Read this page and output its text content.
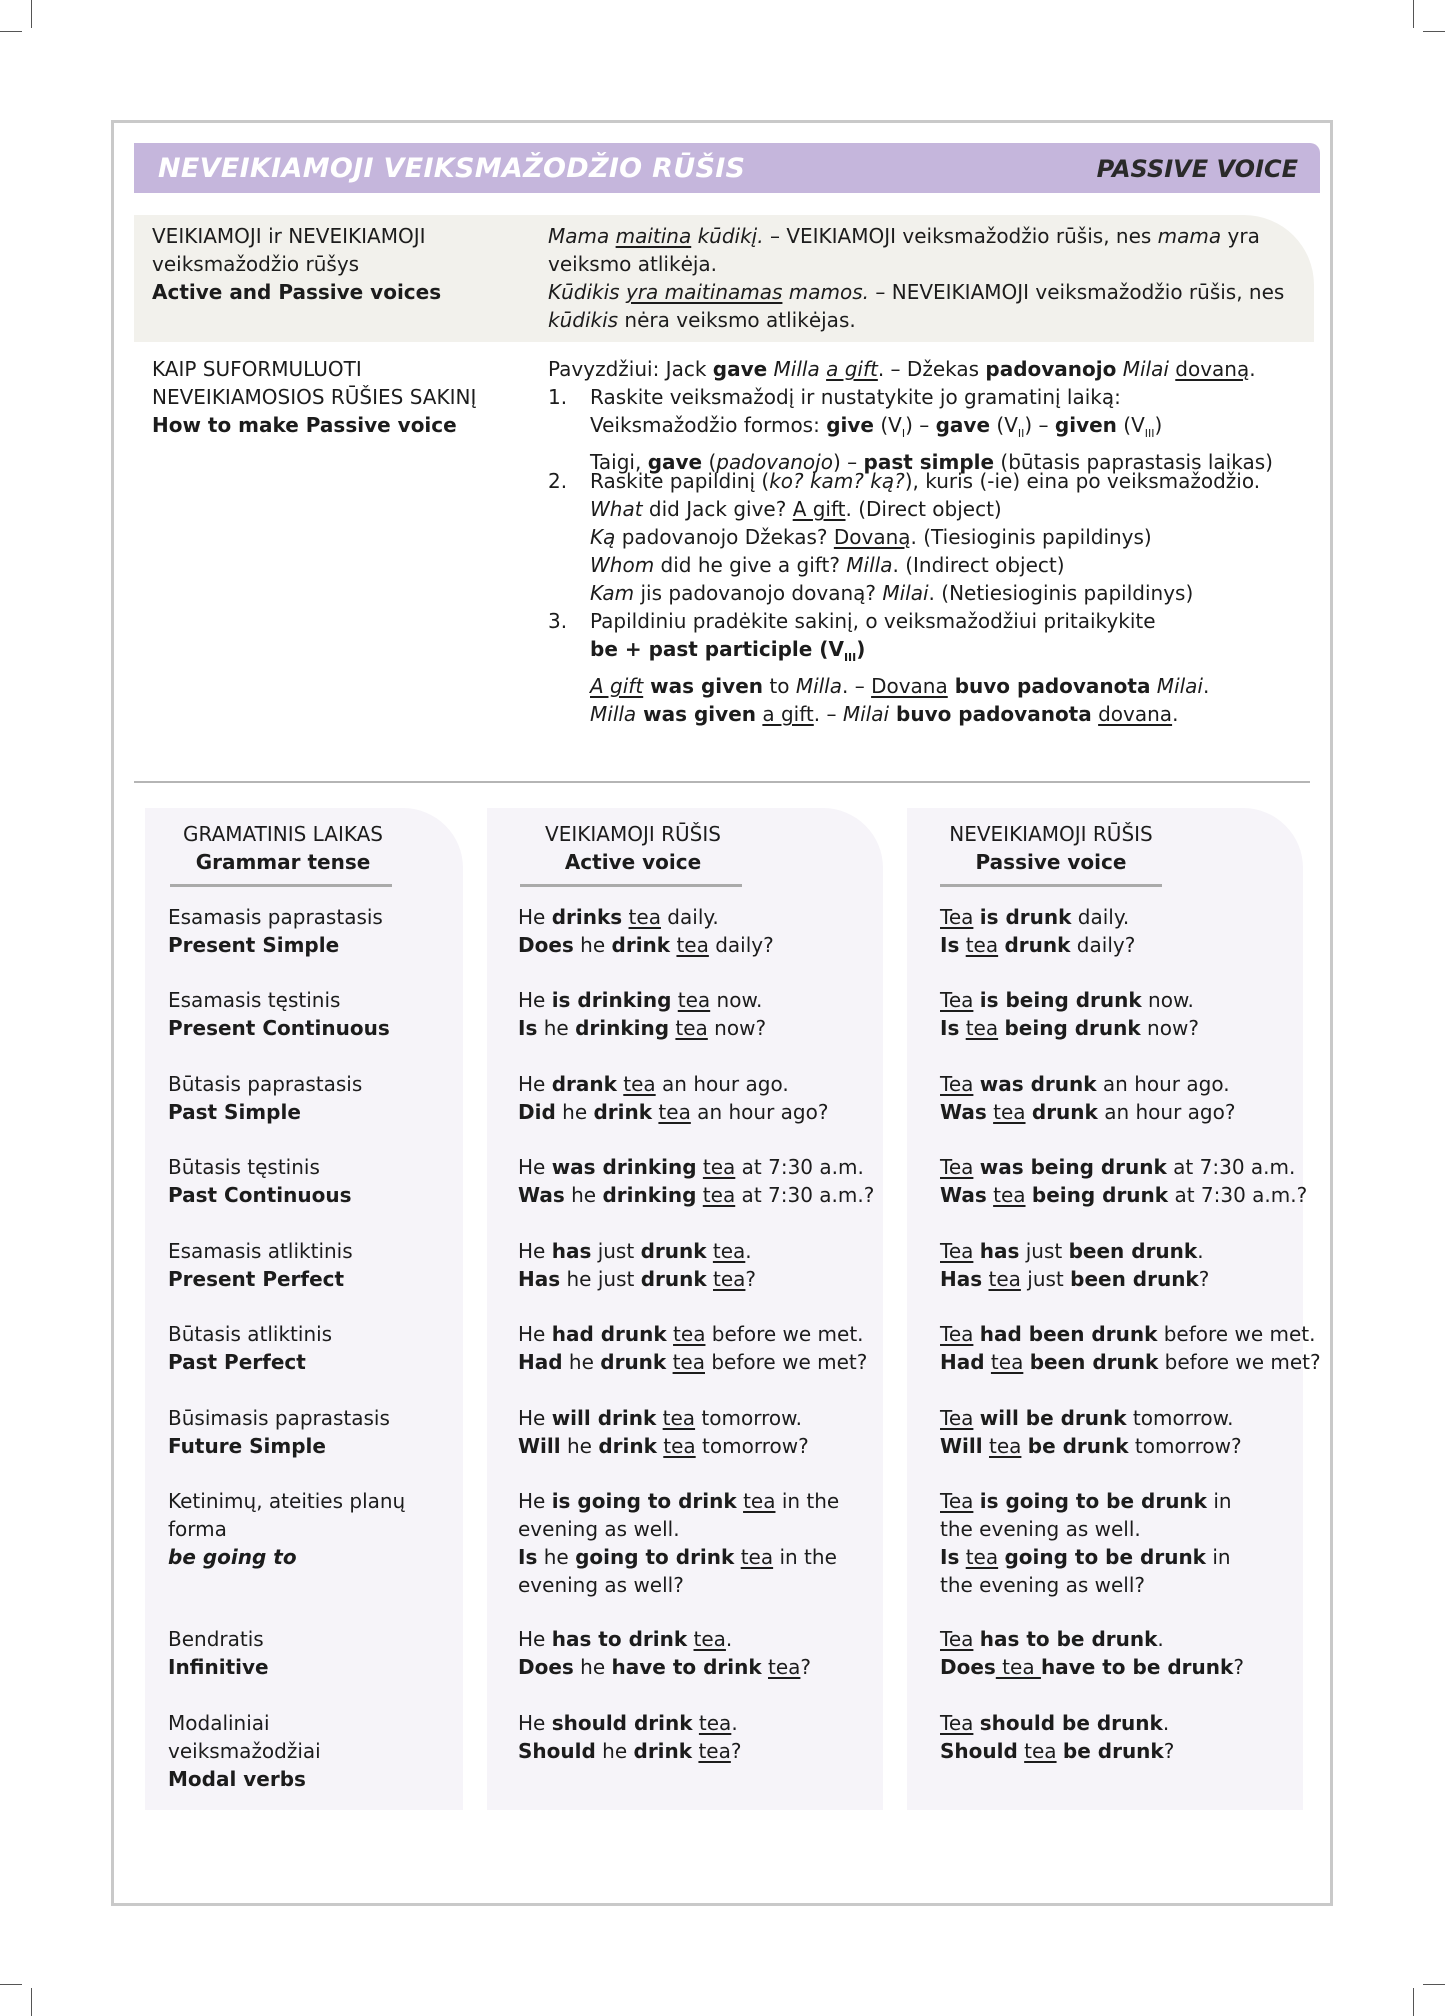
NEVEIKIAMOJI VEIKSMAŽODŽIO RŪŠIS	PASSIVE VOICE
VEIKIAMOJI ir NEVEIKIAMOJI
veiksmažodžio rūšys
Active and Passive voices
Mama maitina kūdikį. – VEIKIAMOJI veiksmažodžio rūšis, nes mama yra
veiksmo atlikėja.
Kūdikis yra maitinamas mamos. – NEVEIKIAMOJI veiksmažodžio rūšis, nes
kūdikis nėra veiksmo atlikėjas.
KAIP SUFORMULUOTI
NEVEIKIAMOSIOS RŪŠIES SAKINĮ
How to make Passive voice
Pavyzdžiui: Jack gave Milla a gift. – Džekas padovanojo Milai dovaną.
1. Raskite veiksmažodį ir nustatykite jo gramatinį laiką:
Veiksmažodžio formos: give $(V_I)$ – gave $(V_{II})$ – given $(V_{III})$
Taigi, gave (padovanojo) – past simple (būtasis paprastasis laikas)
2. Raskite papildinį (ko? kam? ką?), kuris (-ie) eina po veiksmažodžio.
What did Jack give? A gift. (Direct object)
Ką padovanojo Džekas? Dovaną. (Tiesioginis papildinys)
Whom did he give a gift? Milla. (Indirect object)
Kam jis padovanojo dovaną? Milai. (Netiesioginis papildinys)
3. Papildiniu pradėkite sakinį, o veiksmažodžiui pritaikykite
be + past participle $(V_{III})$
A gift was given to Milla. – Dovana buvo padovanota Milai.
Milla was given a gift. – Milai buvo padovanota dovana.
GRAMATINIS LAIKAS
Grammar tense
VEIKIAMOJI RŪŠIS
Active voice
NEVEIKIAMOJI RŪŠIS
Passive voice
Esamasis paprastasis
Present Simple
He drinks tea daily.
Does he drink tea daily?
Tea is drunk daily.
Is tea drunk daily?
Esamasis tęstinis
Present Continuous
He is drinking tea now.
Is he drinking tea now?
Tea is being drunk now.
Is tea being drunk now?
Būtasis paprastasis
Past Simple
He drank tea an hour ago.
Did he drink tea an hour ago?
Tea was drunk an hour ago.
Was tea drunk an hour ago?
Būtasis tęstinis
Past Continuous
He was drinking tea at 7:30 a.m.
Was he drinking tea at 7:30 a.m.?
Tea was being drunk at 7:30 a.m.
Was tea being drunk at 7:30 a.m.?
Esamasis atliktinis
Present Perfect
He has just drunk tea.
Has he just drunk tea?
Tea has just been drunk.
Has tea just been drunk?
Būtasis atliktinis
Past Perfect
He had drunk tea before we met.
Had he drunk tea before we met?
Tea had been drunk before we met.
Had tea been drunk before we met?
Būsimasis paprastasis
Future Simple
He will drink tea tomorrow.
Will he drink tea tomorrow?
Tea will be drunk tomorrow.
Will tea be drunk tomorrow?
Ketinimų, ateities planų
forma
be going to
He is going to drink tea in the
evening as well.
Is he going to drink tea in the
evening as well?
Tea is going to be drunk in
the evening as well.
Is tea going to be drunk in
the evening as well?
Bendratis
Infinitive
He has to drink tea.
Does he have to drink tea?
Tea has to be drunk.
Does tea have to be drunk?
Modaliniai
veiksmažodžiai
Modal verbs
He should drink tea.
Should he drink tea?
Tea should be drunk.
Should tea be drunk?
